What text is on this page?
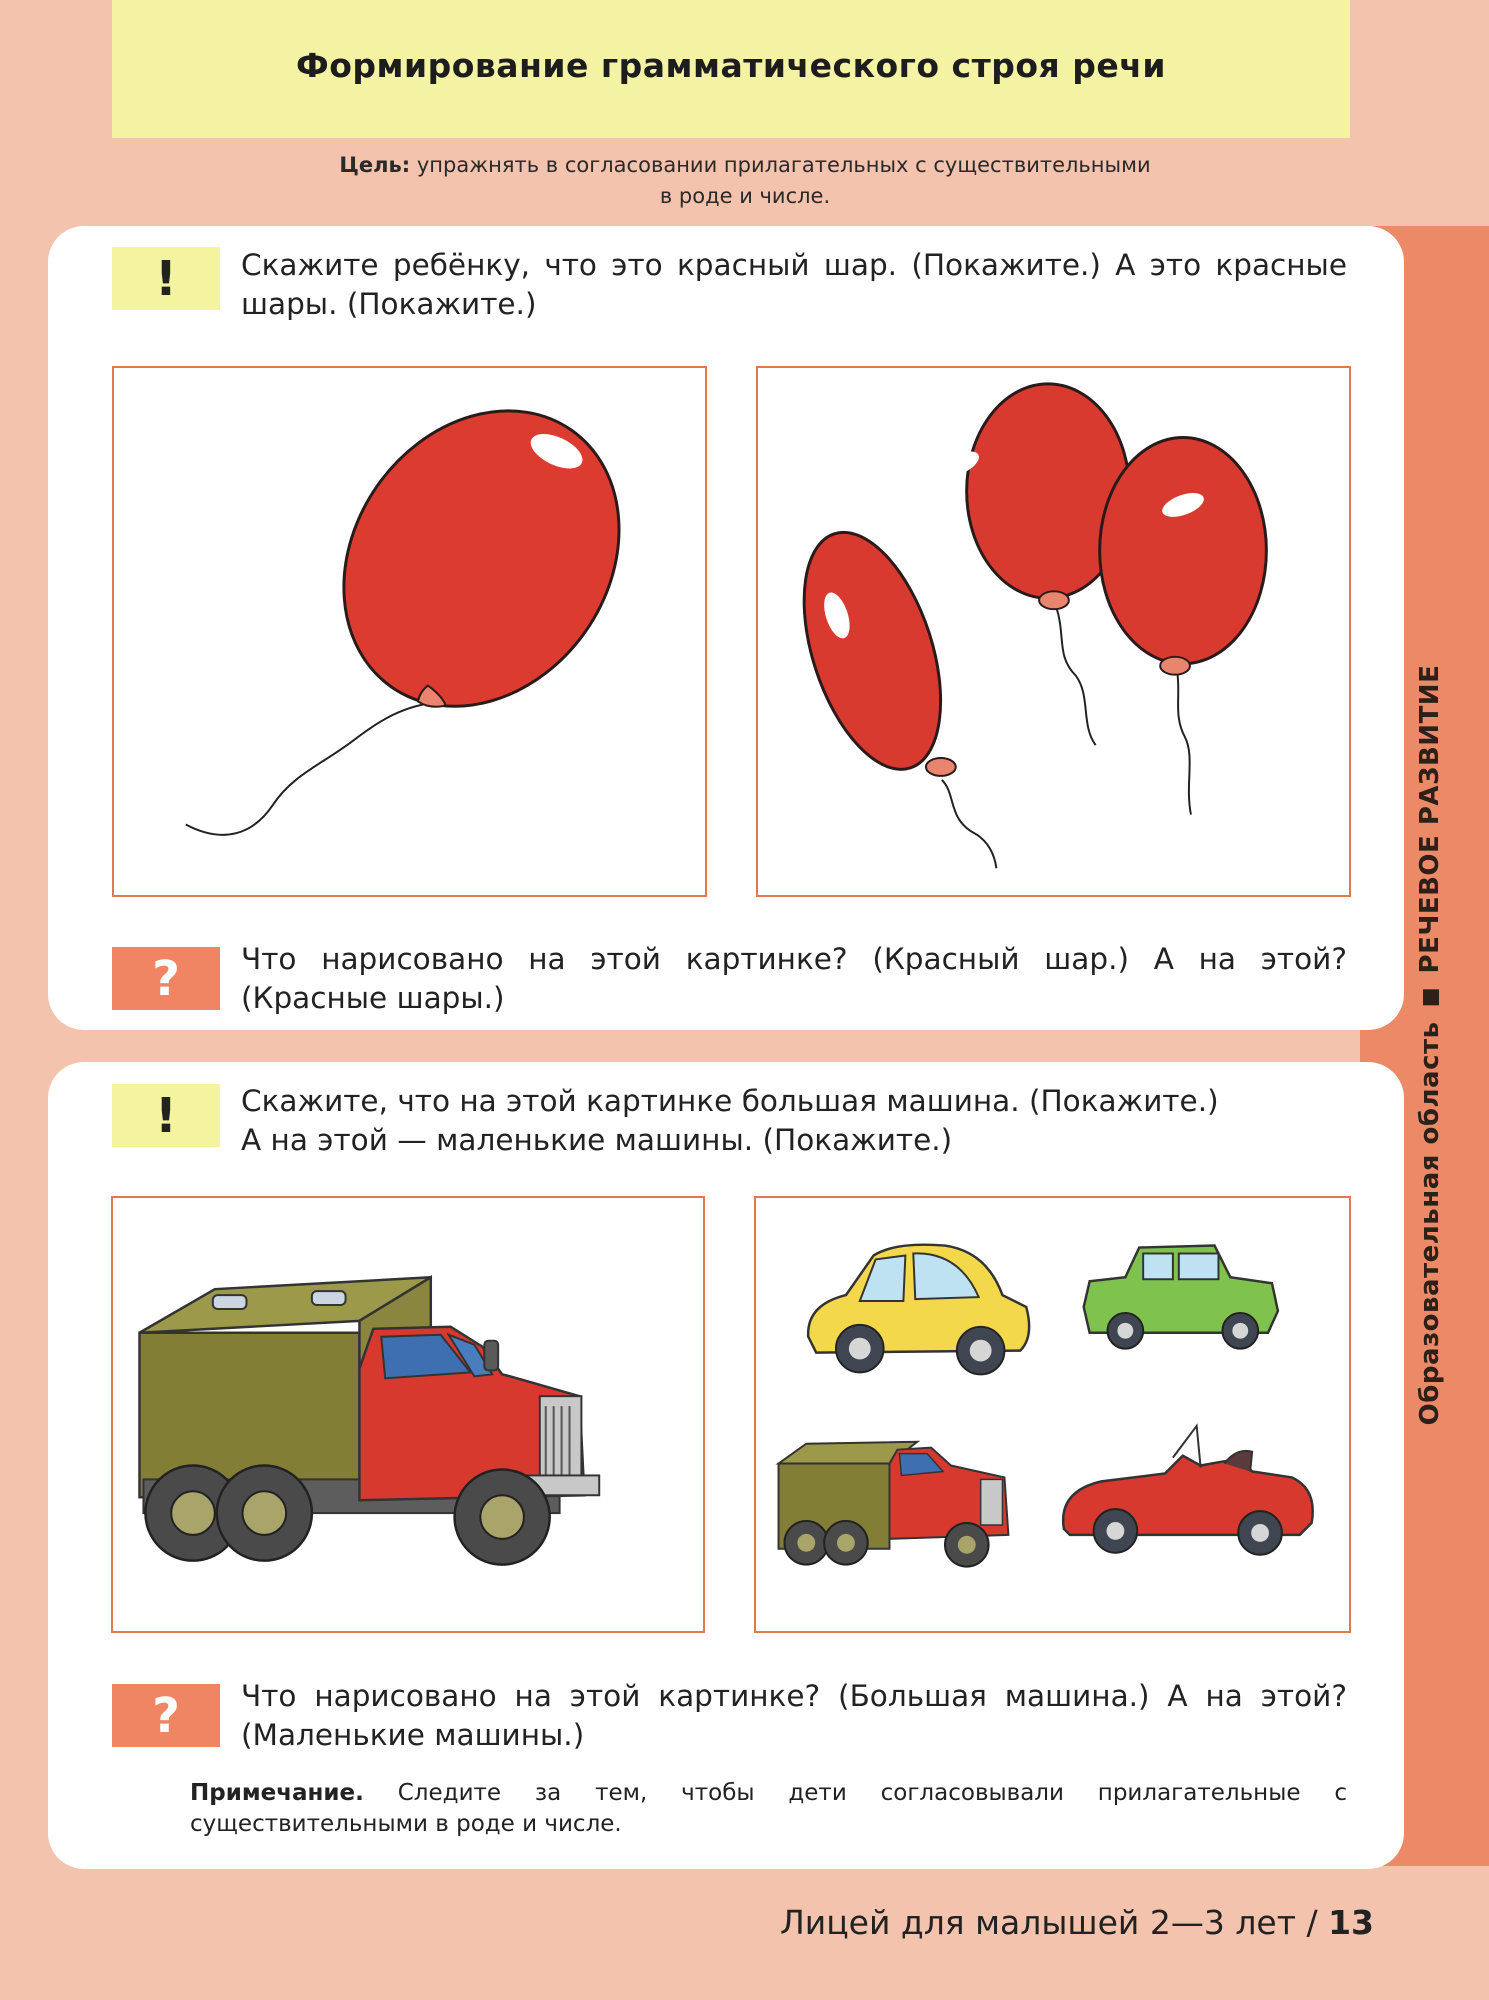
Образовательная областьРЕЧЕВОЕ РАЗВИТИЕ
Формирование грамматического строя речи
Цель: упражнять в согласовании прилагательных с существительными
в роде и числе.
!	Скажите ребёнку, что это красный шар. (Покажите.) А это красные шары. (Покажите.)
?	Что нарисовано на этой картинке? (Красный шар.) А на этой? (Красные шары.)
!	Скажите, что на этой картинке большая машина. (Покажите.)
А на этой — маленькие машины. (Покажите.)
?	Что нарисовано на этой картинке? (Большая машина.) А на этой? (Маленькие машины.)
Примечание. Следите за тем, чтобы дети согласовывали прилагательные с существительными в роде и числе.
Лицей для малышей 2—3 лет / 13
